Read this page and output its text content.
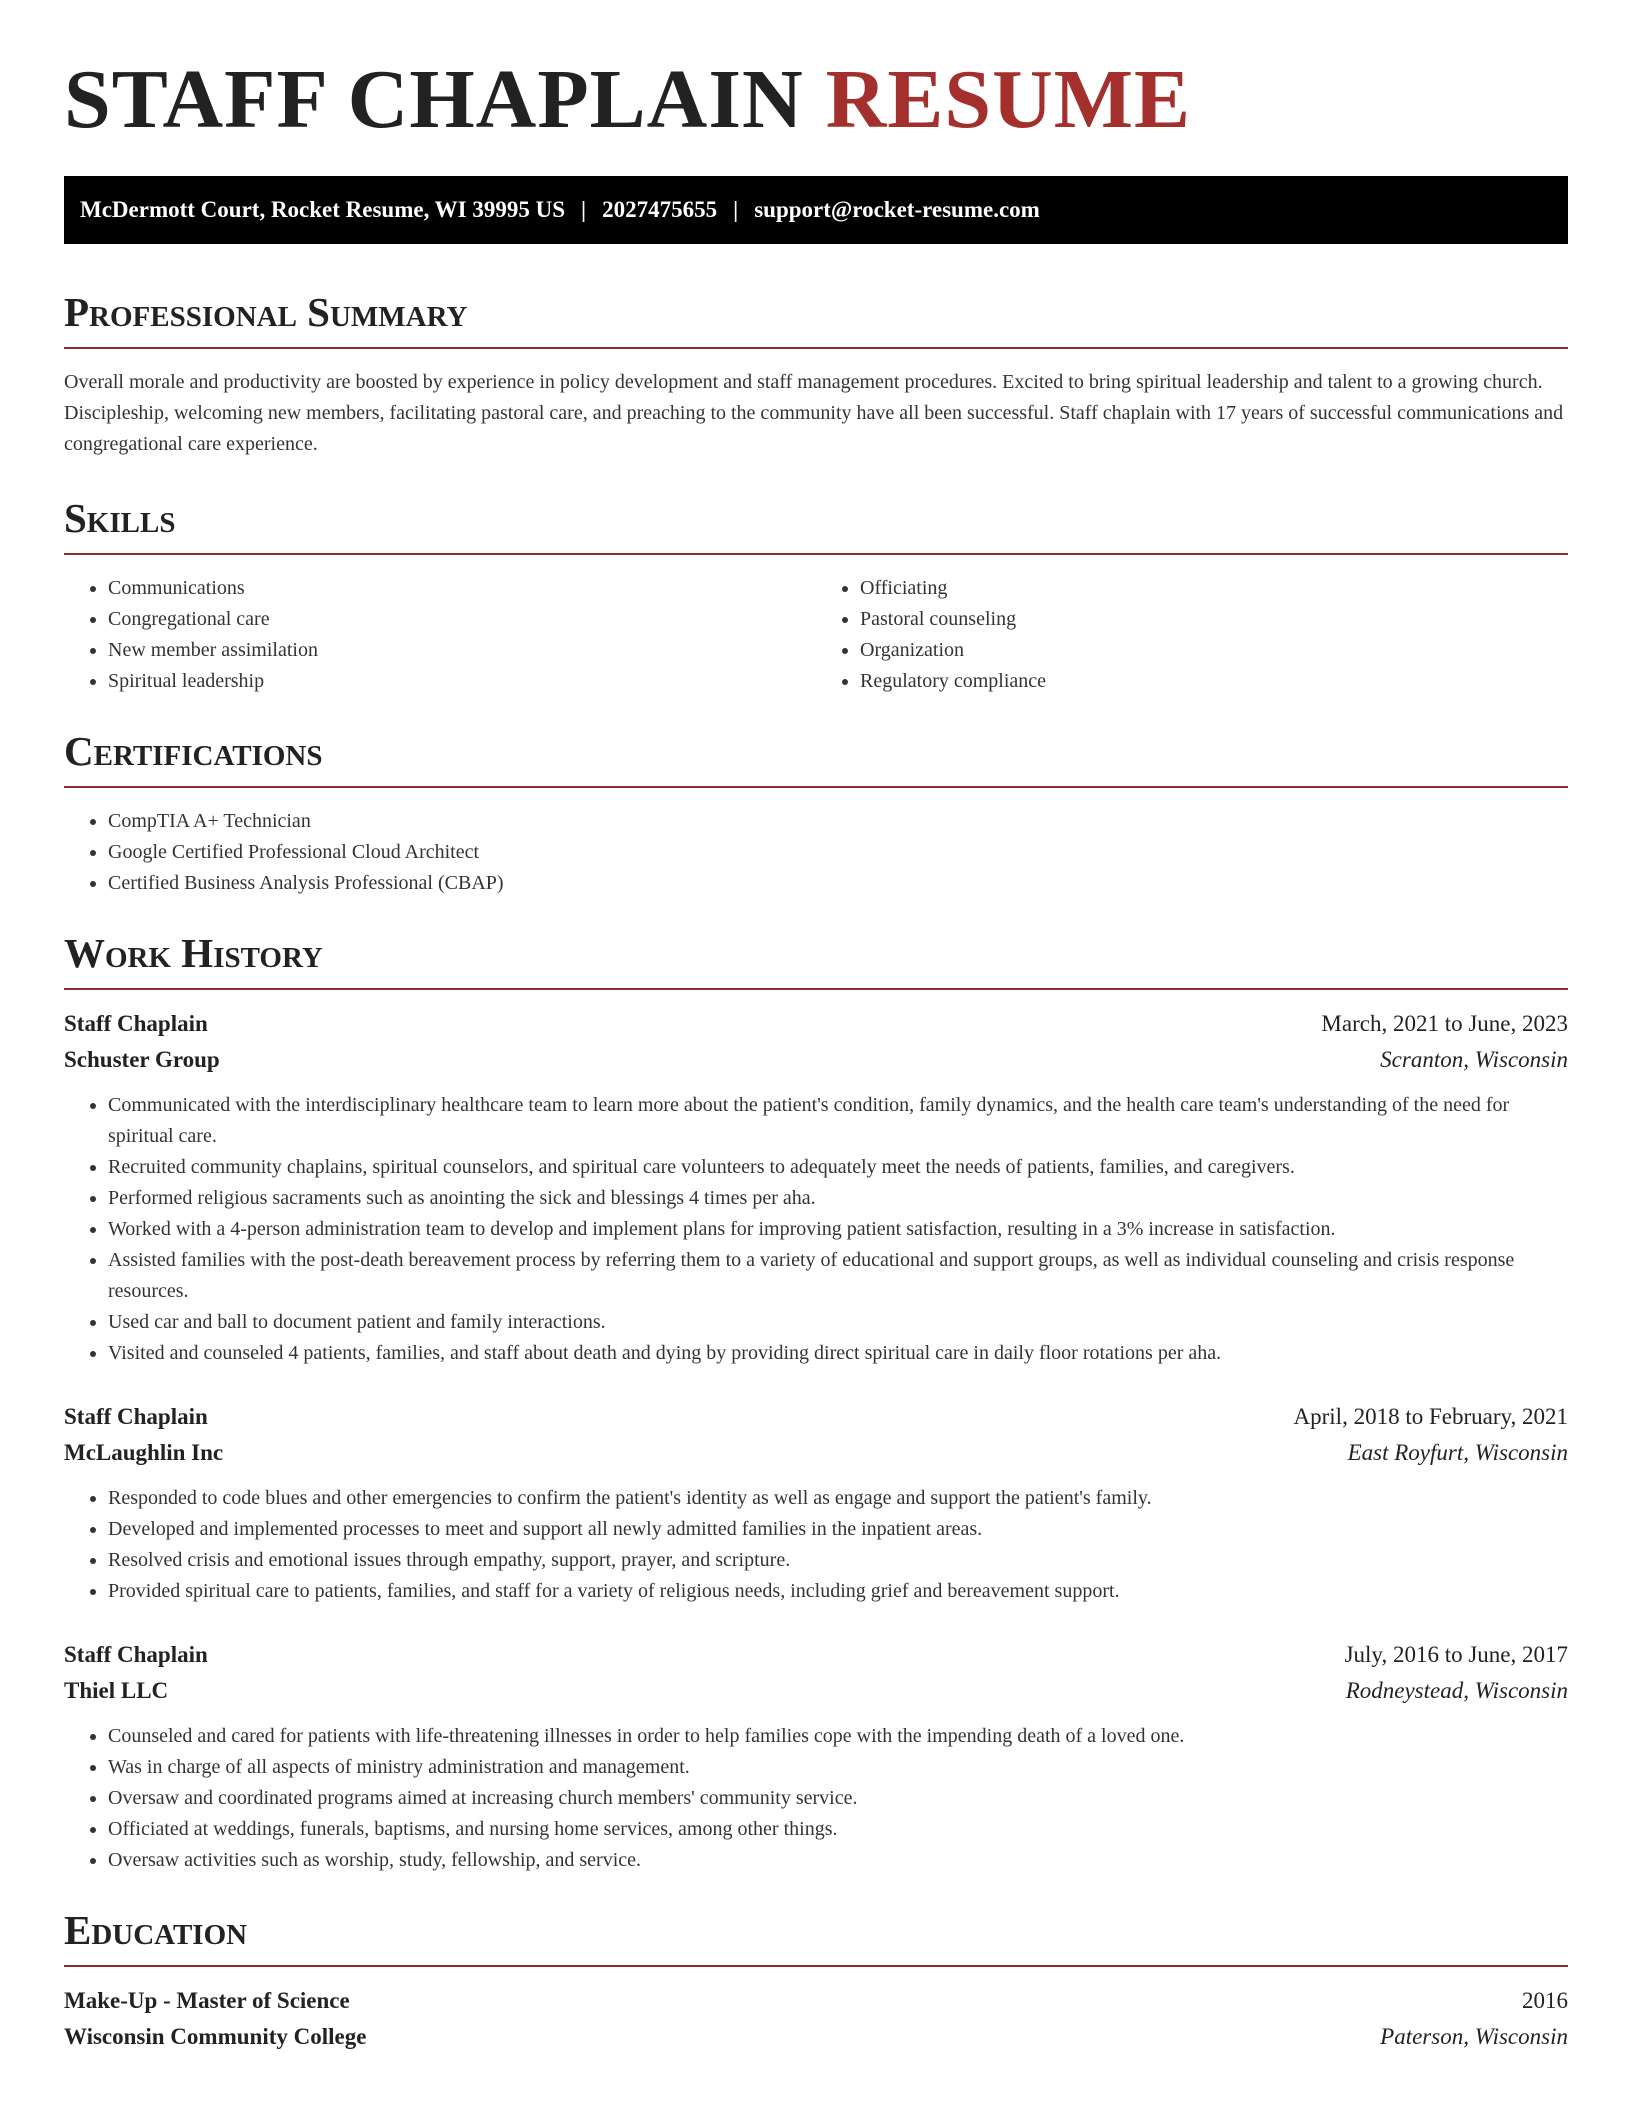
STAFF CHAPLAIN RESUME
McDermott Court, Rocket Resume, WI 39995 US | 2027475655 | support@rocket-resume.com
Professional Summary

Overall morale and productivity are boosted by experience in policy development and staff management procedures. Excited to bring spiritual leadership and talent to a growing church. Discipleship, welcoming new members, facilitating pastoral care, and preaching to the community have all been successful. Staff chaplain with 17 years of successful communications and congregational care experience.

Skills
• Communications
• Congregational care
• New member assimilation
• Spiritual leadership
• Officiating
• Pastoral counseling
• Organization
• Regulatory compliance
Certifications
• CompTIA A+ Technician
• Google Certified Professional Cloud Architect
• Certified Business Analysis Professional (CBAP)
Work History
Staff Chaplain	March, 2021 to June, 2023
Schuster Group	Scranton, Wisconsin
• Communicated with the interdisciplinary healthcare team to learn more about the patient's condition, family dynamics, and the health care team's understanding of the need for spiritual care.
• Recruited community chaplains, spiritual counselors, and spiritual care volunteers to adequately meet the needs of patients, families, and caregivers.
• Performed religious sacraments such as anointing the sick and blessings 4 times per aha.
• Worked with a 4-person administration team to develop and implement plans for improving patient satisfaction, resulting in a 3% increase in satisfaction.
• Assisted families with the post-death bereavement process by referring them to a variety of educational and support groups, as well as individual counseling and crisis response resources.
• Used car and ball to document patient and family interactions.
• Visited and counseled 4 patients, families, and staff about death and dying by providing direct spiritual care in daily floor rotations per aha.
Staff Chaplain	April, 2018 to February, 2021
McLaughlin Inc	East Royfurt, Wisconsin
• Responded to code blues and other emergencies to confirm the patient's identity as well as engage and support the patient's family.
• Developed and implemented processes to meet and support all newly admitted families in the inpatient areas.
• Resolved crisis and emotional issues through empathy, support, prayer, and scripture.
• Provided spiritual care to patients, families, and staff for a variety of religious needs, including grief and bereavement support.
Staff Chaplain	July, 2016 to June, 2017
Thiel LLC	Rodneystead, Wisconsin
• Counseled and cared for patients with life-threatening illnesses in order to help families cope with the impending death of a loved one.
• Was in charge of all aspects of ministry administration and management.
• Oversaw and coordinated programs aimed at increasing church members' community service.
• Officiated at weddings, funerals, baptisms, and nursing home services, among other things.
• Oversaw activities such as worship, study, fellowship, and service.
Education
Make-Up - Master of Science	2016
Wisconsin Community College	Paterson, Wisconsin
